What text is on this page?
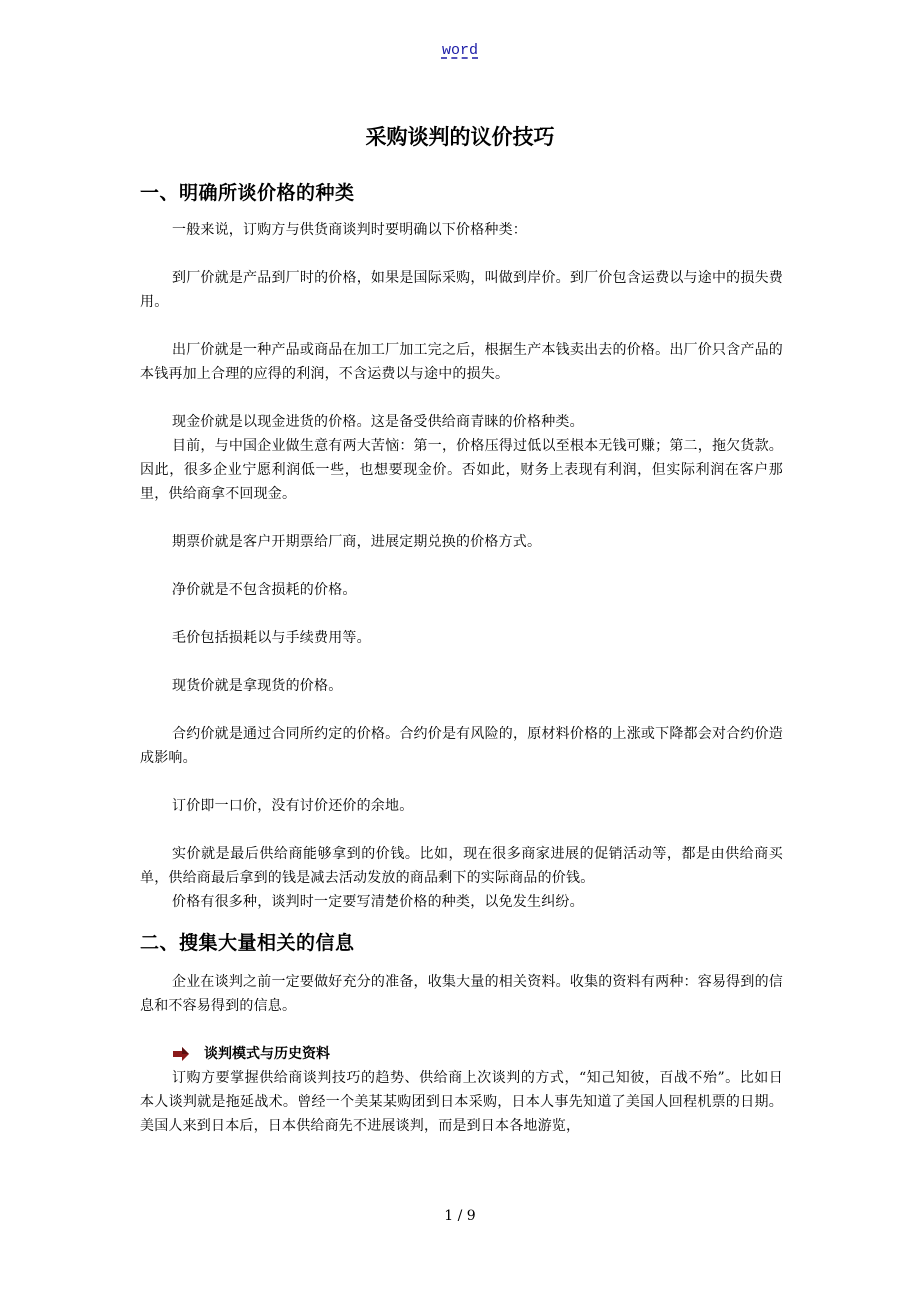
word
采购谈判的议价技巧
一、明确所谈价格的种类

一般来说，订购方与供货商谈判时要明确以下价格种类：

到厂价就是产品到厂时的价格，如果是国际采购，叫做到岸价。到厂价包含运费以与途中的损失费用。

出厂价就是一种产品或商品在加工厂加工完之后，根据生产本钱卖出去的价格。出厂价只含产品的本钱再加上合理的应得的利润，不含运费以与途中的损失。

现金价就是以现金进货的价格。这是备受供给商青睐的价格种类。

目前，与中国企业做生意有两大苦恼：第一，价格压得过低以至根本无钱可赚；第二，拖欠货款。因此，很多企业宁愿利润低一些，也想要现金价。否如此，财务上表现有利润，但实际利润在客户那里，供给商拿不回现金。

期票价就是客户开期票给厂商，进展定期兑换的价格方式。

净价就是不包含损耗的价格。

毛价包括损耗以与手续费用等。

现货价就是拿现货的价格。

合约价就是通过合同所约定的价格。合约价是有风险的，原材料价格的上涨或下降都会对合约价造成影响。

订价即一口价，没有讨价还价的余地。

实价就是最后供给商能够拿到的价钱。比如，现在很多商家进展的促销活动等，都是由供给商买单，供给商最后拿到的钱是减去活动发放的商品剩下的实际商品的价钱。

价格有很多种，谈判时一定要写清楚价格的种类，以免发生纠纷。

二、搜集大量相关的信息

企业在谈判之前一定要做好充分的准备，收集大量的相关资料。收集的资料有两种：容易得到的信息和不容易得到的信息。

谈判模式与历史资料

订购方要掌握供给商谈判技巧的趋势、供给商上次谈判的方式，“知己知彼，百战不殆”。比如日本人谈判就是拖延战术。曾经一个美某某购团到日本采购，日本人事先知道了美国人回程机票的日期。美国人来到日本后，日本供给商先不进展谈判，而是到日本各地游览，

1 / 9
